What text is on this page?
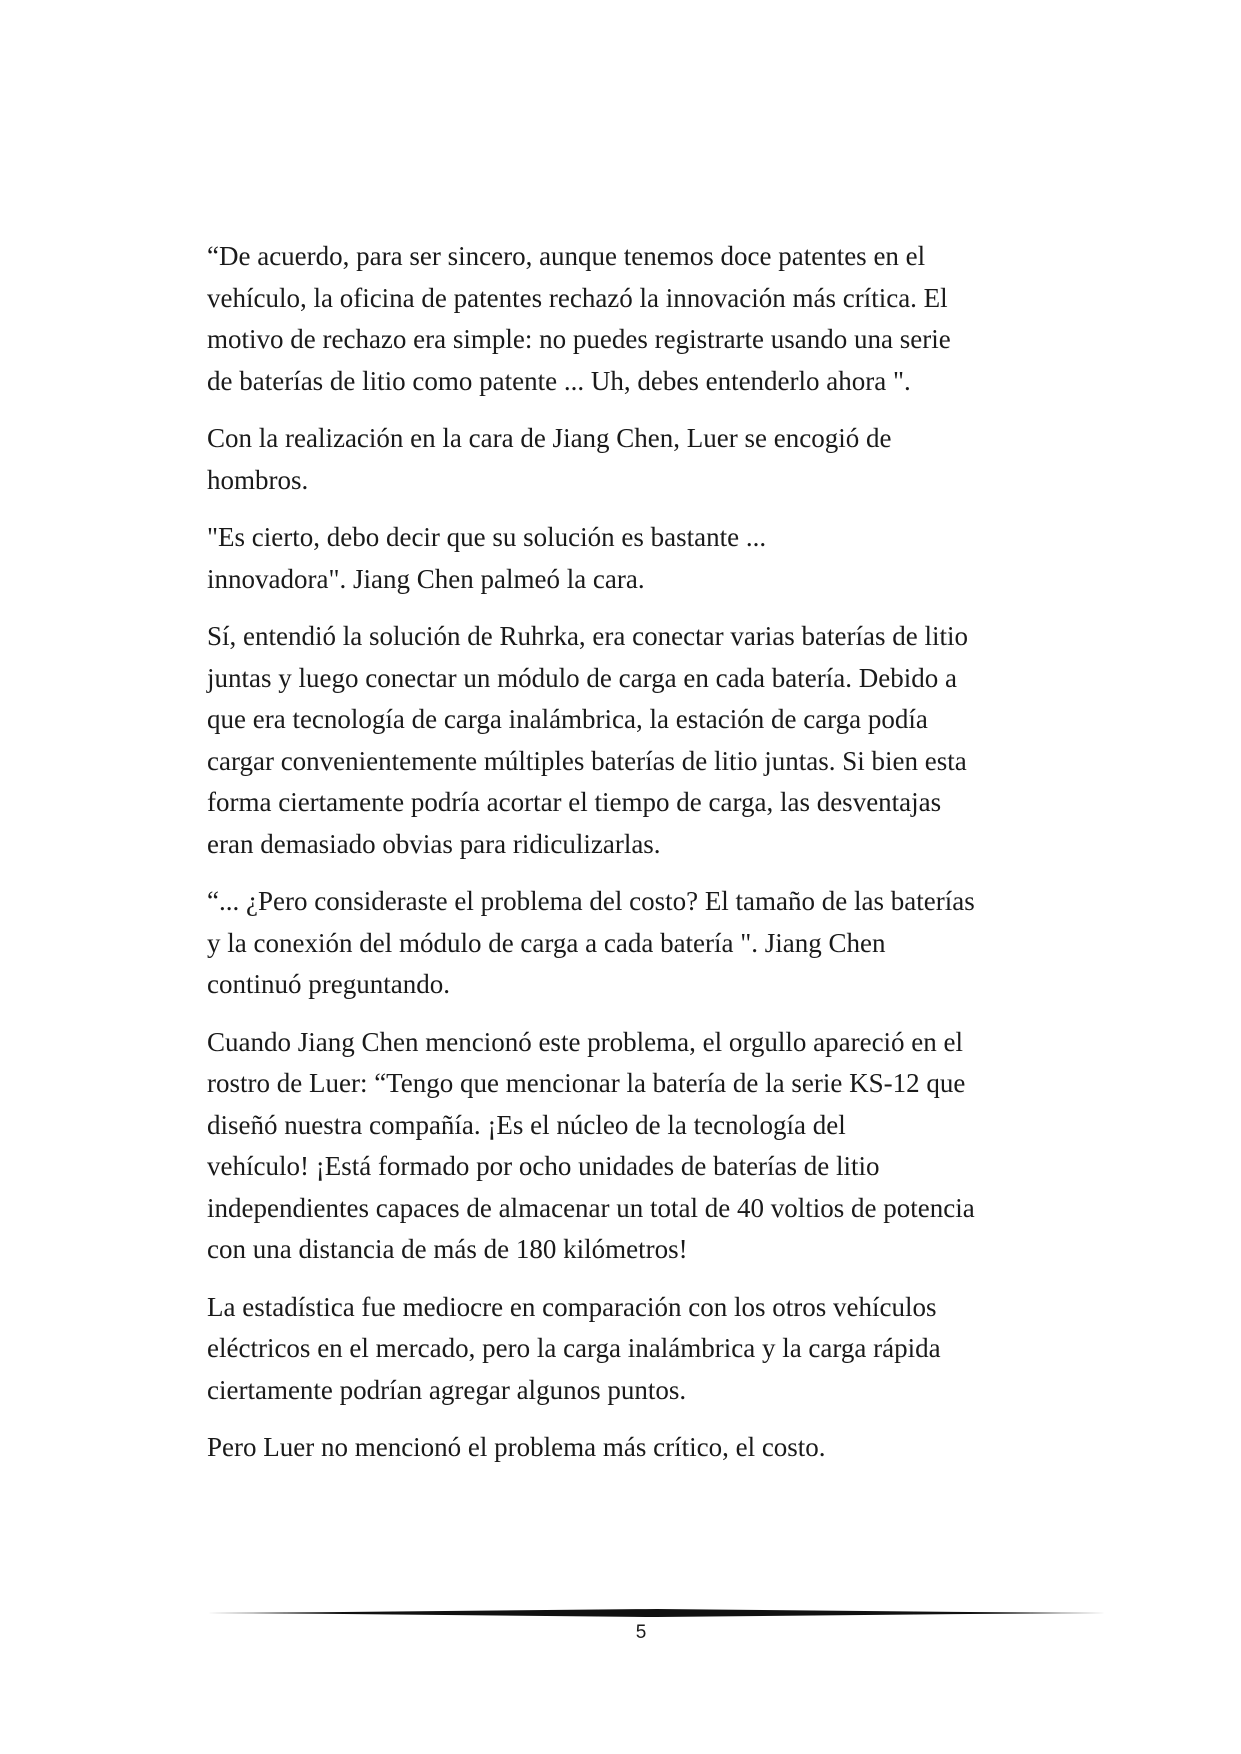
“De acuerdo, para ser sincero, aunque tenemos doce patentes en el
vehículo, la oficina de patentes rechazó la innovación más crítica. El
motivo de rechazo era simple: no puedes registrarte usando una serie
de baterías de litio como patente ... Uh, debes entenderlo ahora ".

Con la realización en la cara de Jiang Chen, Luer se encogió de
hombros.

"Es cierto, debo decir que su solución es bastante ...
innovadora". Jiang Chen palmeó la cara.

Sí, entendió la solución de Ruhrka, era conectar varias baterías de litio
juntas y luego conectar un módulo de carga en cada batería. Debido a
que era tecnología de carga inalámbrica, la estación de carga podía
cargar convenientemente múltiples baterías de litio juntas. Si bien esta
forma ciertamente podría acortar el tiempo de carga, las desventajas
eran demasiado obvias para ridiculizarlas.

“... ¿Pero consideraste el problema del costo? El tamaño de las baterías
y la conexión del módulo de carga a cada batería ". Jiang Chen
continuó preguntando.

Cuando Jiang Chen mencionó este problema, el orgullo apareció en el
rostro de Luer: “Tengo que mencionar la batería de la serie KS-12 que
diseñó nuestra compañía. ¡Es el núcleo de la tecnología del
vehículo! ¡Está formado por ocho unidades de baterías de litio
independientes capaces de almacenar un total de 40 voltios de potencia
con una distancia de más de 180 kilómetros!

La estadística fue mediocre en comparación con los otros vehículos
eléctricos en el mercado, pero la carga inalámbrica y la carga rápida
ciertamente podrían agregar algunos puntos.

Pero Luer no mencionó el problema más crítico, el costo.

5
